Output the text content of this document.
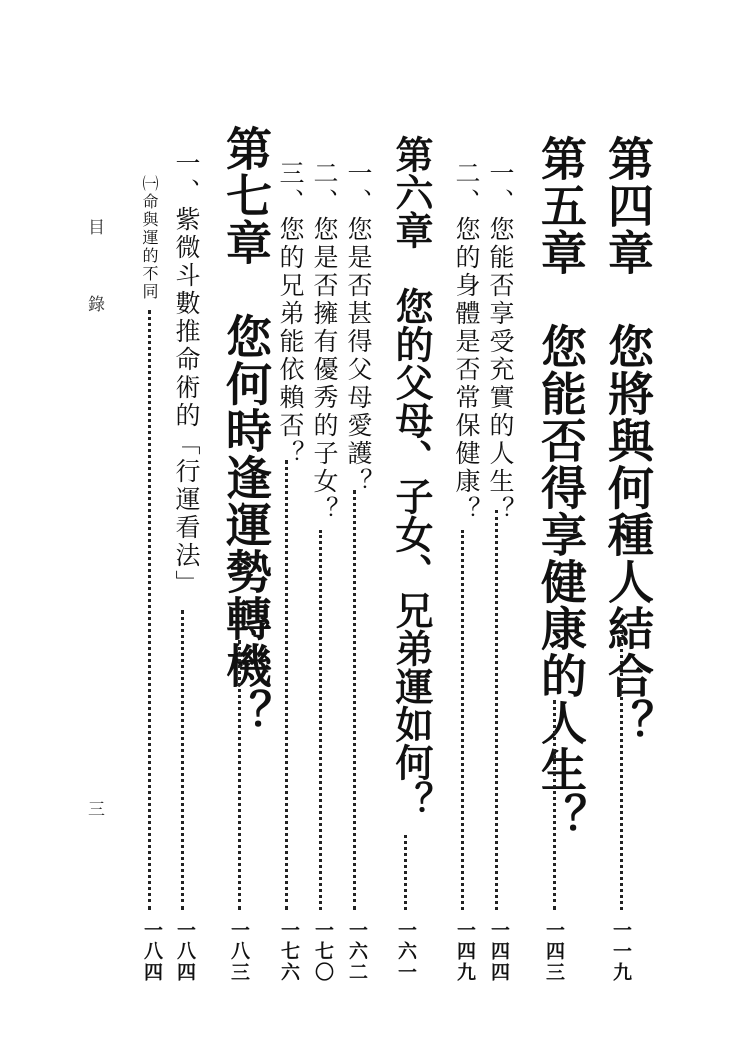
目 錄
三
第四章　您將與何種人結合？
一一九
第五章　您能否得享健康的人生？
一四三
一、您能否享受充實的人生？
一四四
二、您的身體是否常保健康？
一四九
第六章　您的父母、子女、兄弟運如何？
一六一
一、您是否甚得父母愛護？
一六二
二、您是否擁有優秀的子女？
一七〇
三、您的兄弟能依賴否？
一七六
第七章　您何時逢運勢轉機？
一八三
一、紫微斗數推命術的「行運看法」
一八四
㈠命與運的不同
一八四
